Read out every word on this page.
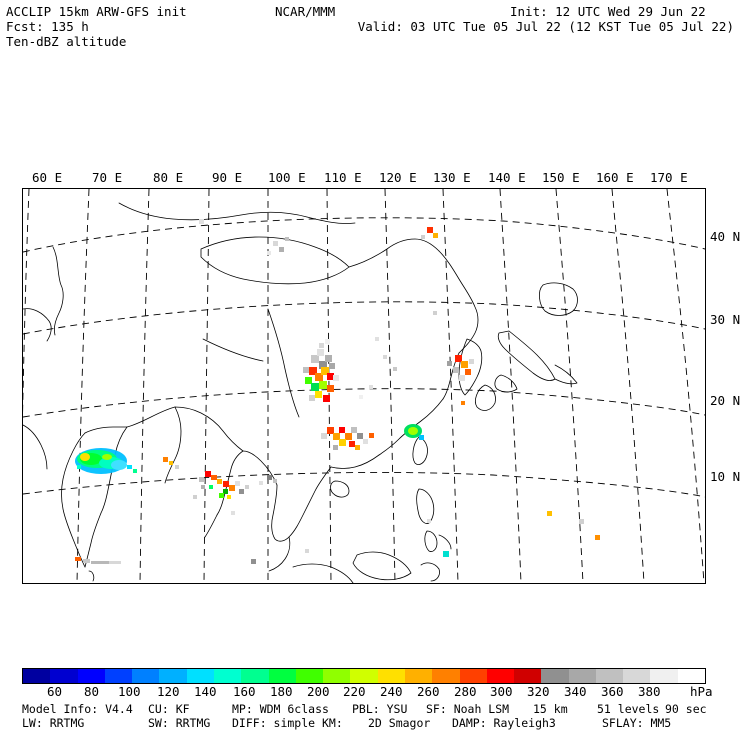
ACCLIP 15km ARW-GFS init
Fcst: 135 h
Ten-dBZ altitude
NCAR/MMM	Init: 12 UTC Wed 29 Jun 22
Valid: 03 UTC Tue 05 Jul 22 (12 KST Tue 05 Jul 22)
60 E 70 E 80 E 90 E 100 E 110 E 120 E 130 E 140 E 150 E 160 E 170 E
40 N
30 N
20 N
10 N
60 80 100 120 140 160 180 200 220 240 260 280 300 320 340 360 380 hPa
Model Info: V4.4
LW: RRTMG
CU: KF
SW: RRTMG
MP: WDM 6class
DIFF: simple KM:
PBL: YSU
2D Smagor
SF: Noah LSM
DAMP: Rayleigh3
15 km	51 levels
SFLAY: MM5
90 sec
